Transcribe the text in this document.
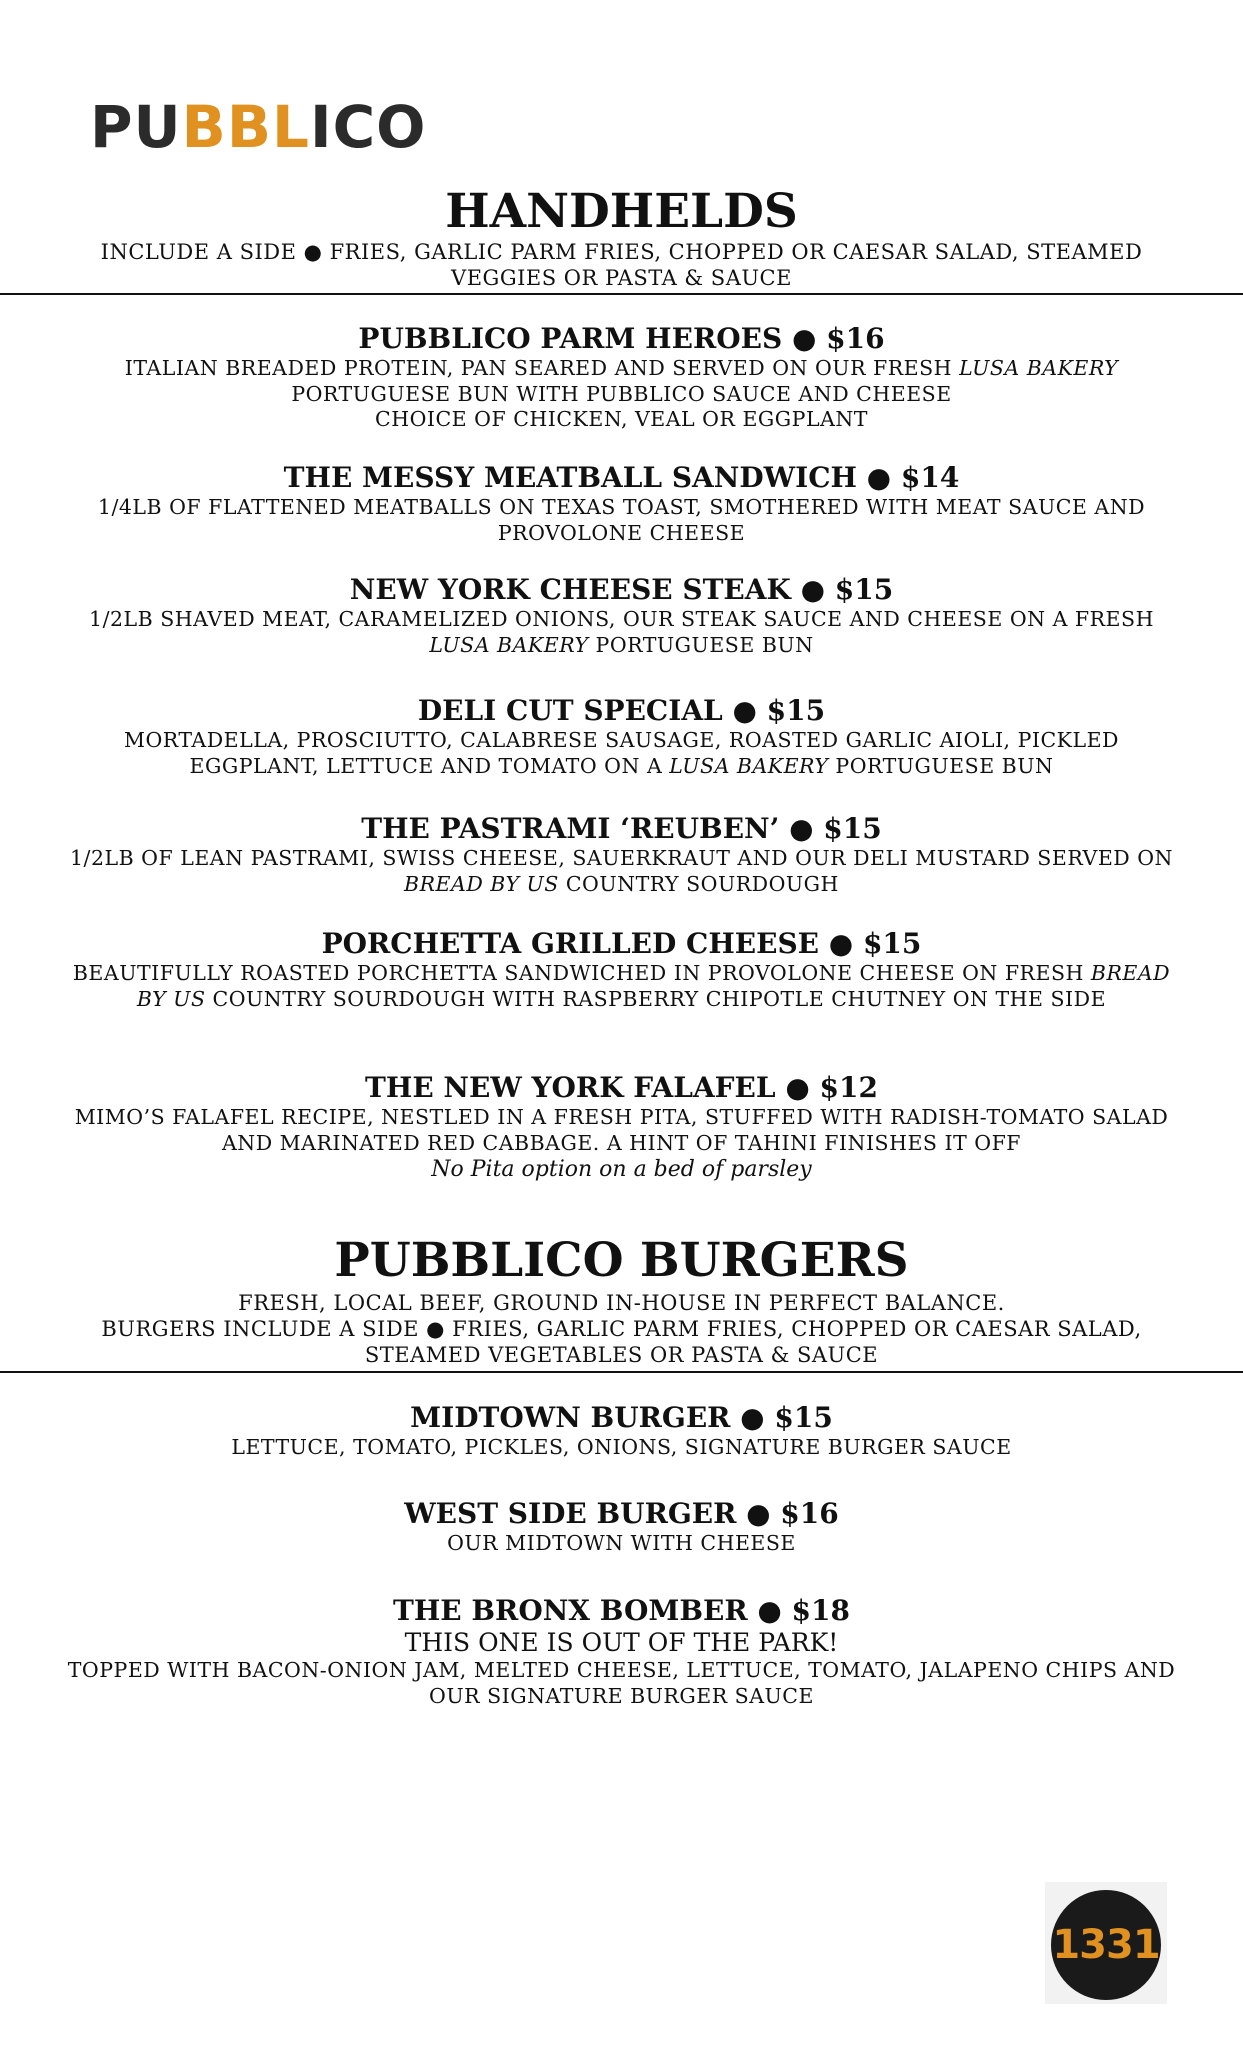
PUBBLICO
HANDHELDS
INCLUDE A SIDE ● FRIES, GARLIC PARM FRIES, CHOPPED OR CAESAR SALAD, STEAMED VEGGIES OR PASTA & SAUCE
PUBBLICO PARM HEROES ● $16
ITALIAN BREADED PROTEIN, PAN SEARED AND SERVED ON OUR FRESH LUSA BAKERY
PORTUGUESE BUN WITH PUBBLICO SAUCE AND CHEESE
CHOICE OF CHICKEN, VEAL OR EGGPLANT
THE MESSY MEATBALL SANDWICH ● $14
1/4LB OF FLATTENED MEATBALLS ON TEXAS TOAST, SMOTHERED WITH MEAT SAUCE AND PROVOLONE CHEESE
NEW YORK CHEESE STEAK ● $15
1/2LB SHAVED MEAT, CARAMELIZED ONIONS, OUR STEAK SAUCE AND CHEESE ON A FRESH
LUSA BAKERY PORTUGUESE BUN
DELI CUT SPECIAL ● $15
MORTADELLA, PROSCIUTTO, CALABRESE SAUSAGE, ROASTED GARLIC AIOLI, PICKLED EGGPLANT, LETTUCE AND TOMATO ON A LUSA BAKERY PORTUGUESE BUN
THE PASTRAMI ‘REUBEN’ ● $15
1/2LB OF LEAN PASTRAMI, SWISS CHEESE, SAUERKRAUT AND OUR DELI MUSTARD SERVED ON BREAD BY US COUNTRY SOURDOUGH
PORCHETTA GRILLED CHEESE ● $15
BEAUTIFULLY ROASTED PORCHETTA SANDWICHED IN PROVOLONE CHEESE ON FRESH BREAD BY US COUNTRY SOURDOUGH WITH RASPBERRY CHIPOTLE CHUTNEY ON THE SIDE
THE NEW YORK FALAFEL ● $12
MIMO’S FALAFEL RECIPE, NESTLED IN A FRESH PITA, STUFFED WITH RADISH-TOMATO SALAD AND MARINATED RED CABBAGE. A HINT OF TAHINI FINISHES IT OFF
No Pita option on a bed of parsley
PUBBLICO BURGERS
FRESH, LOCAL BEEF, GROUND IN-HOUSE IN PERFECT BALANCE.
BURGERS INCLUDE A SIDE ● FRIES, GARLIC PARM FRIES, CHOPPED OR CAESAR SALAD, STEAMED VEGETABLES OR PASTA & SAUCE
MIDTOWN BURGER ● $15
LETTUCE, TOMATO, PICKLES, ONIONS, SIGNATURE BURGER SAUCE
WEST SIDE BURGER ● $16
OUR MIDTOWN WITH CHEESE
THE BRONX BOMBER ● $18
THIS ONE IS OUT OF THE PARK!
TOPPED WITH BACON-ONION JAM, MELTED CHEESE, LETTUCE, TOMATO, JALAPENO CHIPS AND OUR SIGNATURE BURGER SAUCE
1331
